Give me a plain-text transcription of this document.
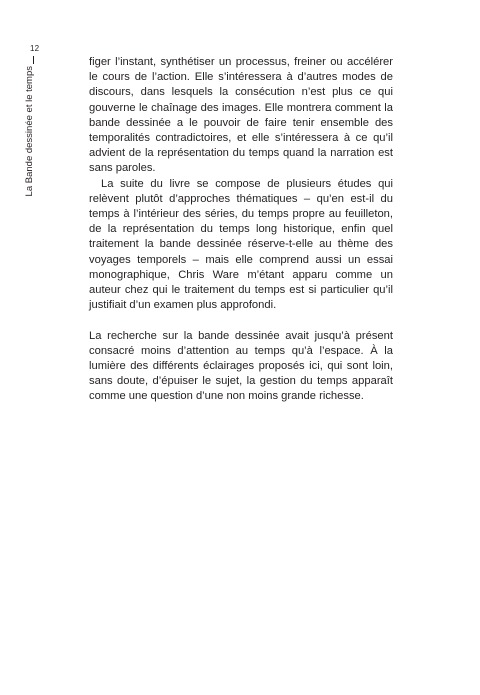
12
La Bande dessinée et le temps

figer l’instant, synthétiser un processus, freiner ou accélérer le cours de l’action. Elle s’intéressera à d’autres modes de discours, dans lesquels la consécution n’est plus ce qui gouverne le chaînage des images. Elle montrera comment la bande dessinée a le pouvoir de faire tenir ensemble des temporalités contradictoires, et elle s’intéressera à ce qu’il advient de la représentation du temps quand la narration est sans paroles.

La suite du livre se compose de plusieurs études qui relèvent plutôt d’approches thématiques – qu’en est-il du temps à l’intérieur des séries, du temps propre au feuilleton, de la représentation du temps long historique, enfin quel traitement la bande dessinée réserve-t-elle au thème des voyages temporels – mais elle comprend aussi un essai monographique, Chris Ware m’étant apparu comme un auteur chez qui le traitement du temps est si particulier qu’il justifiait d’un examen plus approfondi.

La recherche sur la bande dessinée avait jusqu’à présent consacré moins d’attention au temps qu’à l’espace. À la lumière des différents éclairages proposés ici, qui sont loin, sans doute, d’épuiser le sujet, la gestion du temps apparaît comme une question d’une non moins grande richesse.
